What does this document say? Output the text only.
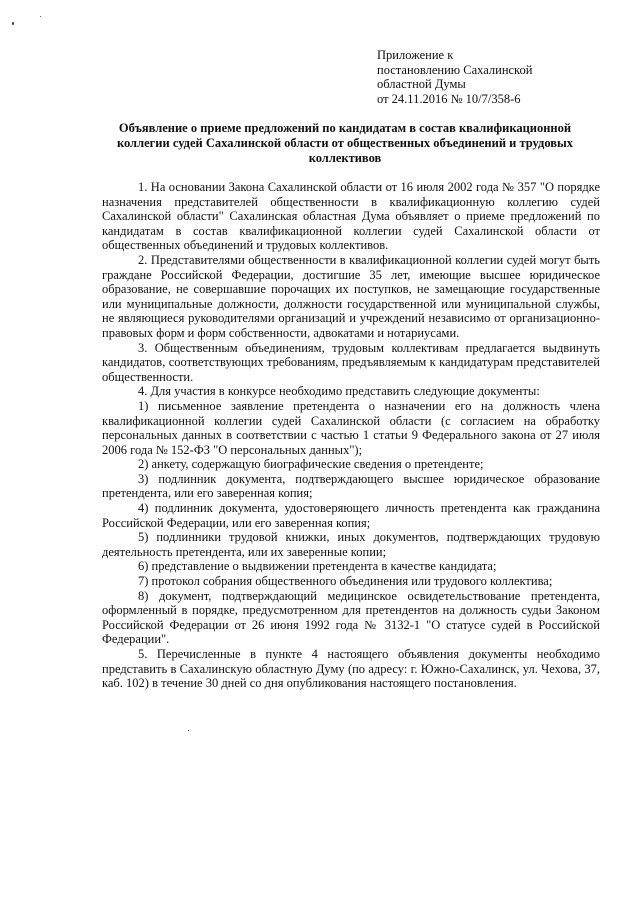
Приложение к
постановлению Сахалинской
областной Думы
от 24.11.2016 № 10/7/358-6
Объявление о приеме предложений по кандидатам в состав квалификационной коллегии судей Сахалинской области от общественных объединений и трудовых коллективов

1. На основании Закона Сахалинской области от 16 июля 2002 года № 357 "О порядке назначения представителей общественности в квалификационную коллегию судей Сахалинской области" Сахалинская областная Дума объявляет о приеме предложений по кандидатам в состав квалификационной коллегии судей Сахалинской области от общественных объединений и трудовых коллективов.

2. Представителями общественности в квалификационной коллегии судей могут быть граждане Российской Федерации, достигшие 35 лет, имеющие высшее юридическое образование, не совершавшие порочащих их поступков, не замещающие государственные или муниципальные должности, должности государственной или муниципальной службы, не являющиеся руководителями организаций и учреждений независимо от организационно-правовых форм и форм собственности, адвокатами и нотариусами.

3. Общественным объединениям, трудовым коллективам предлагается выдвинуть кандидатов, соответствующих требованиям, предъявляемым к кандидатурам представителей общественности.

4. Для участия в конкурсе необходимо представить следующие документы:

1) письменное заявление претендента о назначении его на должность члена квалификационной коллегии судей Сахалинской области (с согласием на обработку персональных данных в соответствии с частью 1 статьи 9 Федерального закона от 27 июля 2006 года № 152-ФЗ "О персональных данных");

2) анкету, содержащую биографические сведения о претенденте;

3) подлинник документа, подтверждающего высшее юридическое образование претендента, или его заверенная копия;

4) подлинник документа, удостоверяющего личность претендента как гражданина Российской Федерации, или его заверенная копия;

5) подлинники трудовой книжки, иных документов, подтверждающих трудовую деятельность претендента, или их заверенные копии;

6) представление о выдвижении претендента в качестве кандидата;

7) протокол собрания общественного объединения или трудового коллектива;

8) документ, подтверждающий медицинское освидетельствование претендента, оформленный в порядке, предусмотренном для претендентов на должность судьи Законом Российской Федерации от 26 июня 1992 года № 3132-1 "О статусе судей в Российской Федерации".

5. Перечисленные в пункте 4 настоящего объявления документы необходимо представить в Сахалинскую областную Думу (по адресу: г. Южно-Сахалинск, ул. Чехова, 37, каб. 102) в течение 30 дней со дня опубликования настоящего постановления.
